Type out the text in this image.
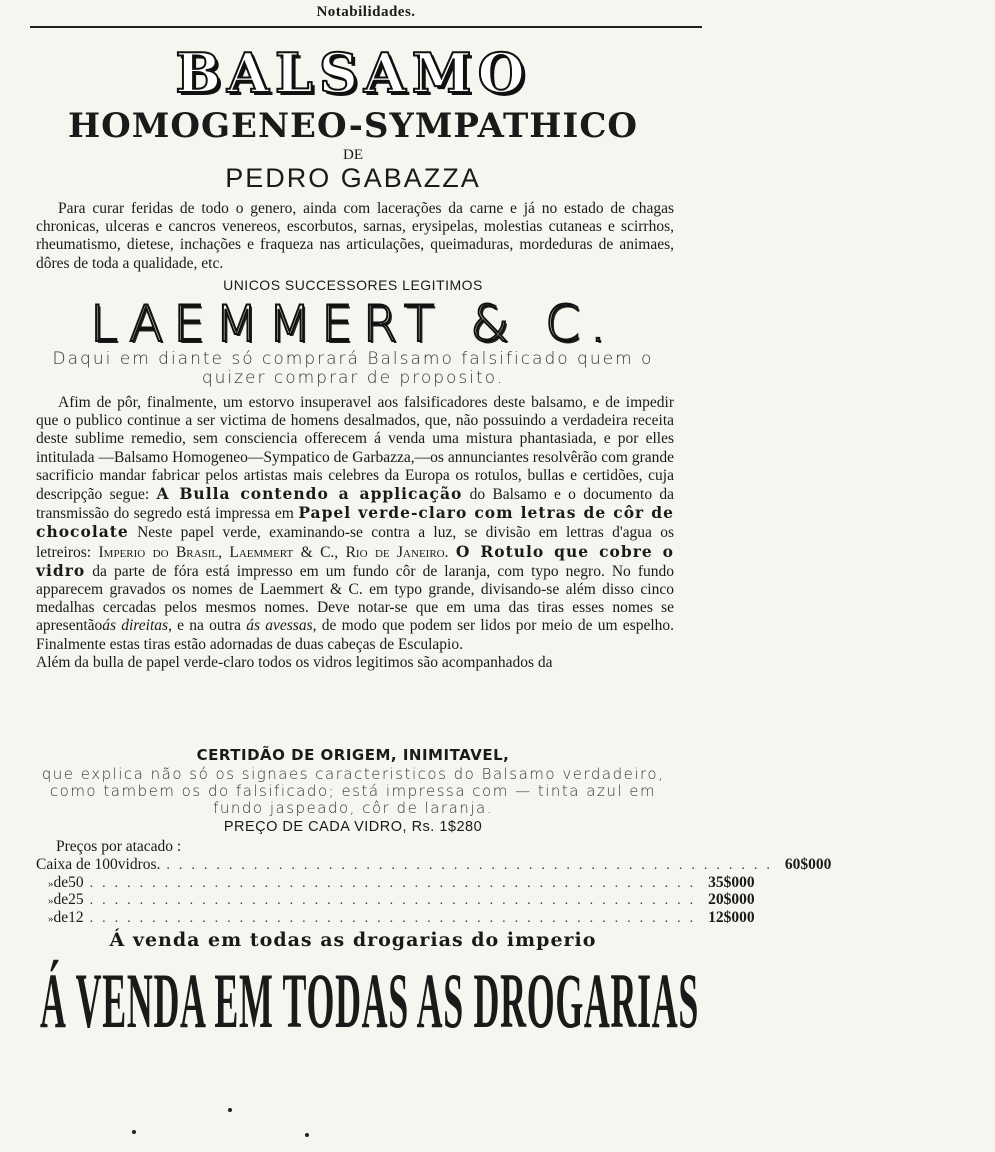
Notabilidades.
BALSAMO
HOMOGENEO-SYMPATHICO
DE
PEDRO GABAZZA
Para curar feridas de todo o genero, ainda com lacerações da carne e já no estado de chagas chronicas, ulceras e cancros venereos, escorbutos, sarnas, erysipelas, molestias cutaneas e scirrhos, rheumatismo, dietese, inchações e fraqueza nas articulações, queimaduras, mordeduras de animaes, dôres de toda a qualidade, etc.
UNICOS SUCCESSORES LEGITIMOS
LAEMMERT & C.
Daqui em diante só comprará Balsamo falsificado quem o quizer comprar de proposito.
Afim de pôr, finalmente, um estorvo insuperavel aos falsificadores deste balsamo, e de impedir que o publico continue a ser victima de homens desalmados, que, não possuindo a verdadeira receita deste sublime remedio, sem consciencia offerecem á venda uma mistura phantasiada, e por elles intitulada —Balsamo Homogeneo—Sympatico de Garbazza,—os annunciantes resolvêrão com grande sacrificio mandar fabricar pelos artistas mais celebres da Europa os rotulos, bullas e certidões, cuja descripção segue: A Bulla contendo a applicação do Balsamo e o documento da transmissão do segredo está impressa em Papel verde-claro com letras de côr de chocolate Neste papel verde, examinando-se contra a luz, se divisão em lettras d'agua os letreiros: Imperio do Brasil, Laemmert & C., Rio de Janeiro. O Rotulo que cobre o vidro da parte de fóra está impresso em um fundo côr de laranja, com typo negro. No fundo apparecem gravados os nomes de Laemmert & C. em typo grande, divisando-se além disso cinco medalhas cercadas pelos mesmos nomes. Deve notar-se que em uma das tiras esses nomes se apresentãoás direitas, e na outra ás avessas, de modo que podem ser lidos por meio de um espelho. Finalmente estas tiras estão adornadas de duas cabeças de Esculapio.
Além da bulla de papel verde-claro todos os vidros legitimos são acompanhados da
CERTIDÃO DE ORIGEM, INIMITAVEL,
que explica não só os signaes caracteristicos do Balsamo verdadeiro, como tambem os do falsificado; está impressa com — tinta azul em fundo jaspeado, côr de laranja.
PREÇO DE CADA VIDRO, Rs. 1$280
Preços por atacado :
Caixa de
100 vidros. ................................................. 60$000
» de 50 ................................................. 35$000
» de 25 ................................................. 20$000
» de 12 ................................................. 12$000
Á venda em todas as drogarias do imperio
Á VENDA EM TODAS AS DROGARIAS
